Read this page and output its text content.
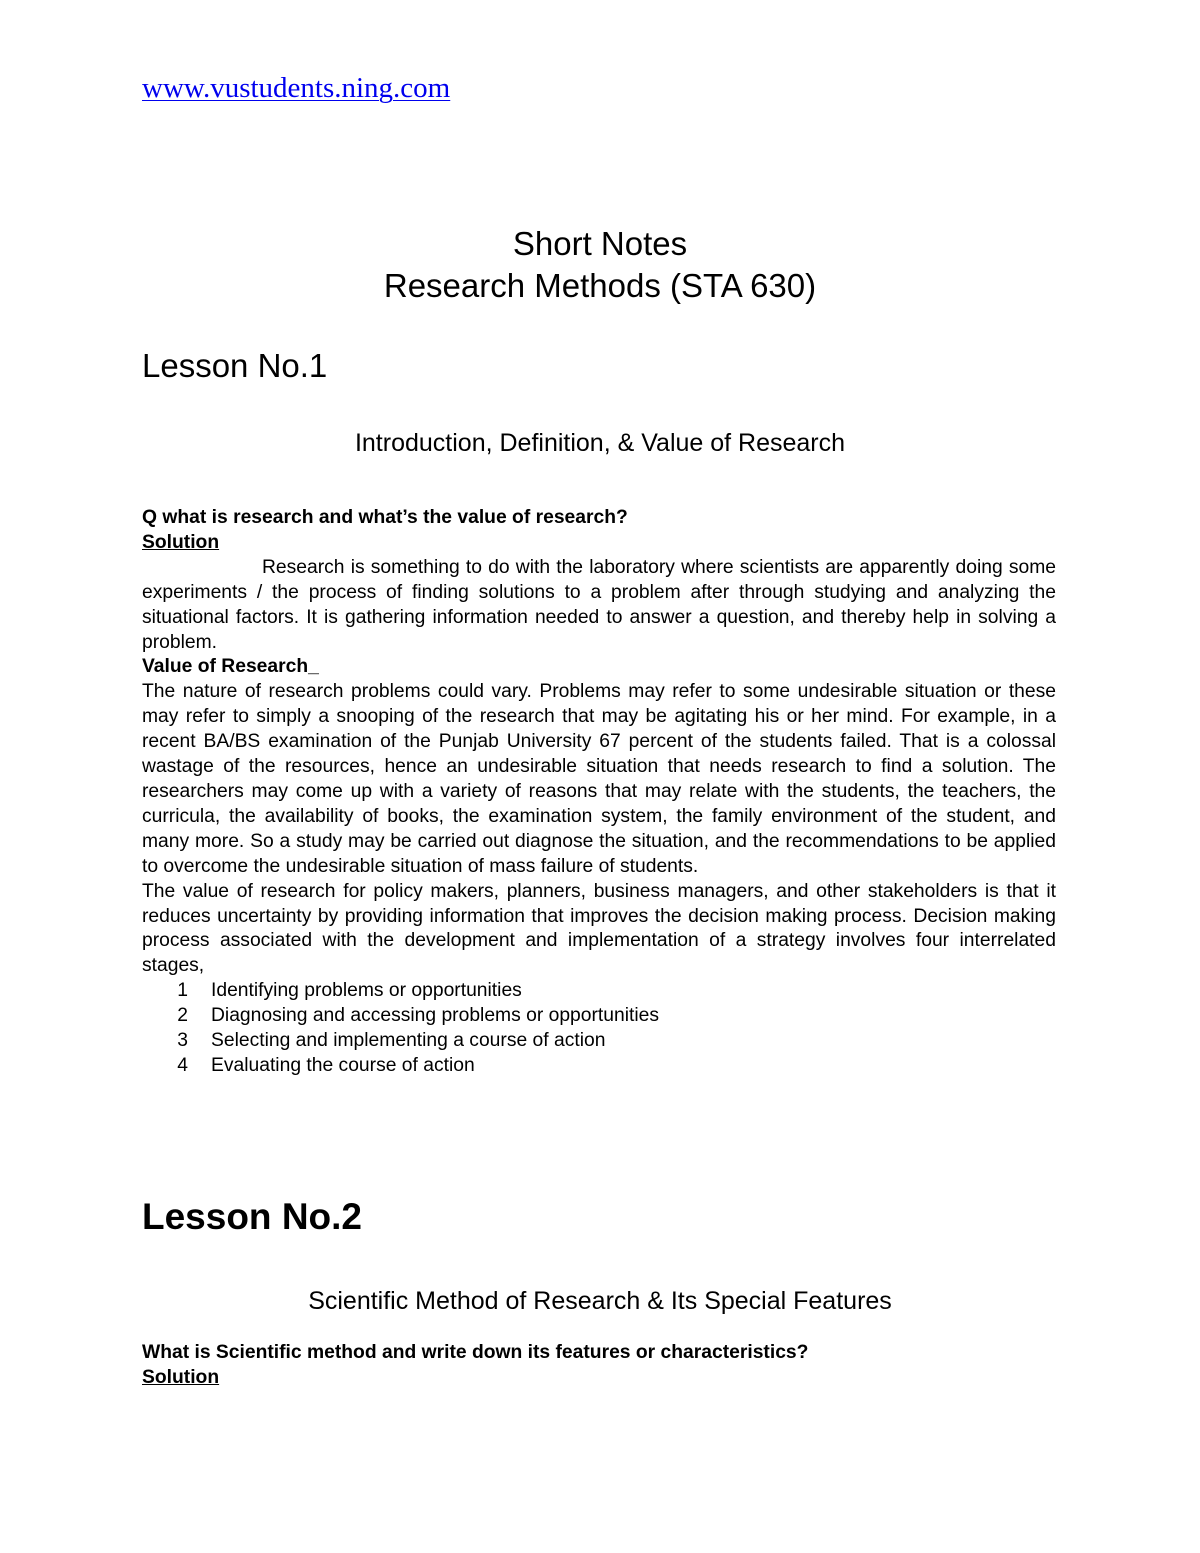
www.vustudents.ning.com
Short Notes
Research Methods (STA 630)
Lesson No.1
Introduction, Definition, & Value of Research
Q what is research and what’s the value of research?
Solution

Research is something to do with the laboratory where scientists are apparently doing some experiments / the process of finding solutions to a problem after through studying and analyzing the situational factors. It is gathering information needed to answer a question, and thereby help in solving a problem.

Value of Research_

The nature of research problems could vary. Problems may refer to some undesirable situation or these may refer to simply a snooping of the research that may be agitating his or her mind. For example, in a recent BA/BS examination of the Punjab University 67 percent of the students failed. That is a colossal wastage of the resources, hence an undesirable situation that needs research to find a solution. The researchers may come up with a variety of reasons that may relate with the students, the teachers, the curricula, the availability of books, the examination system, the family environment of the student, and many more. So a study may be carried out diagnose the situation, and the recommendations to be applied to overcome the undesirable situation of mass failure of students.

The value of research for policy makers, planners, business managers, and other stakeholders is that it reduces uncertainty by providing information that improves the decision making process. Decision making process associated with the development and implementation of a strategy involves four interrelated stages,

1 Identifying problems or opportunities
2 Diagnosing and accessing problems or opportunities
3 Selecting and implementing a course of action
4 Evaluating the course of action
Lesson No.2
Scientific Method of Research & Its Special Features
What is Scientific method and write down its features or characteristics?
Solution
